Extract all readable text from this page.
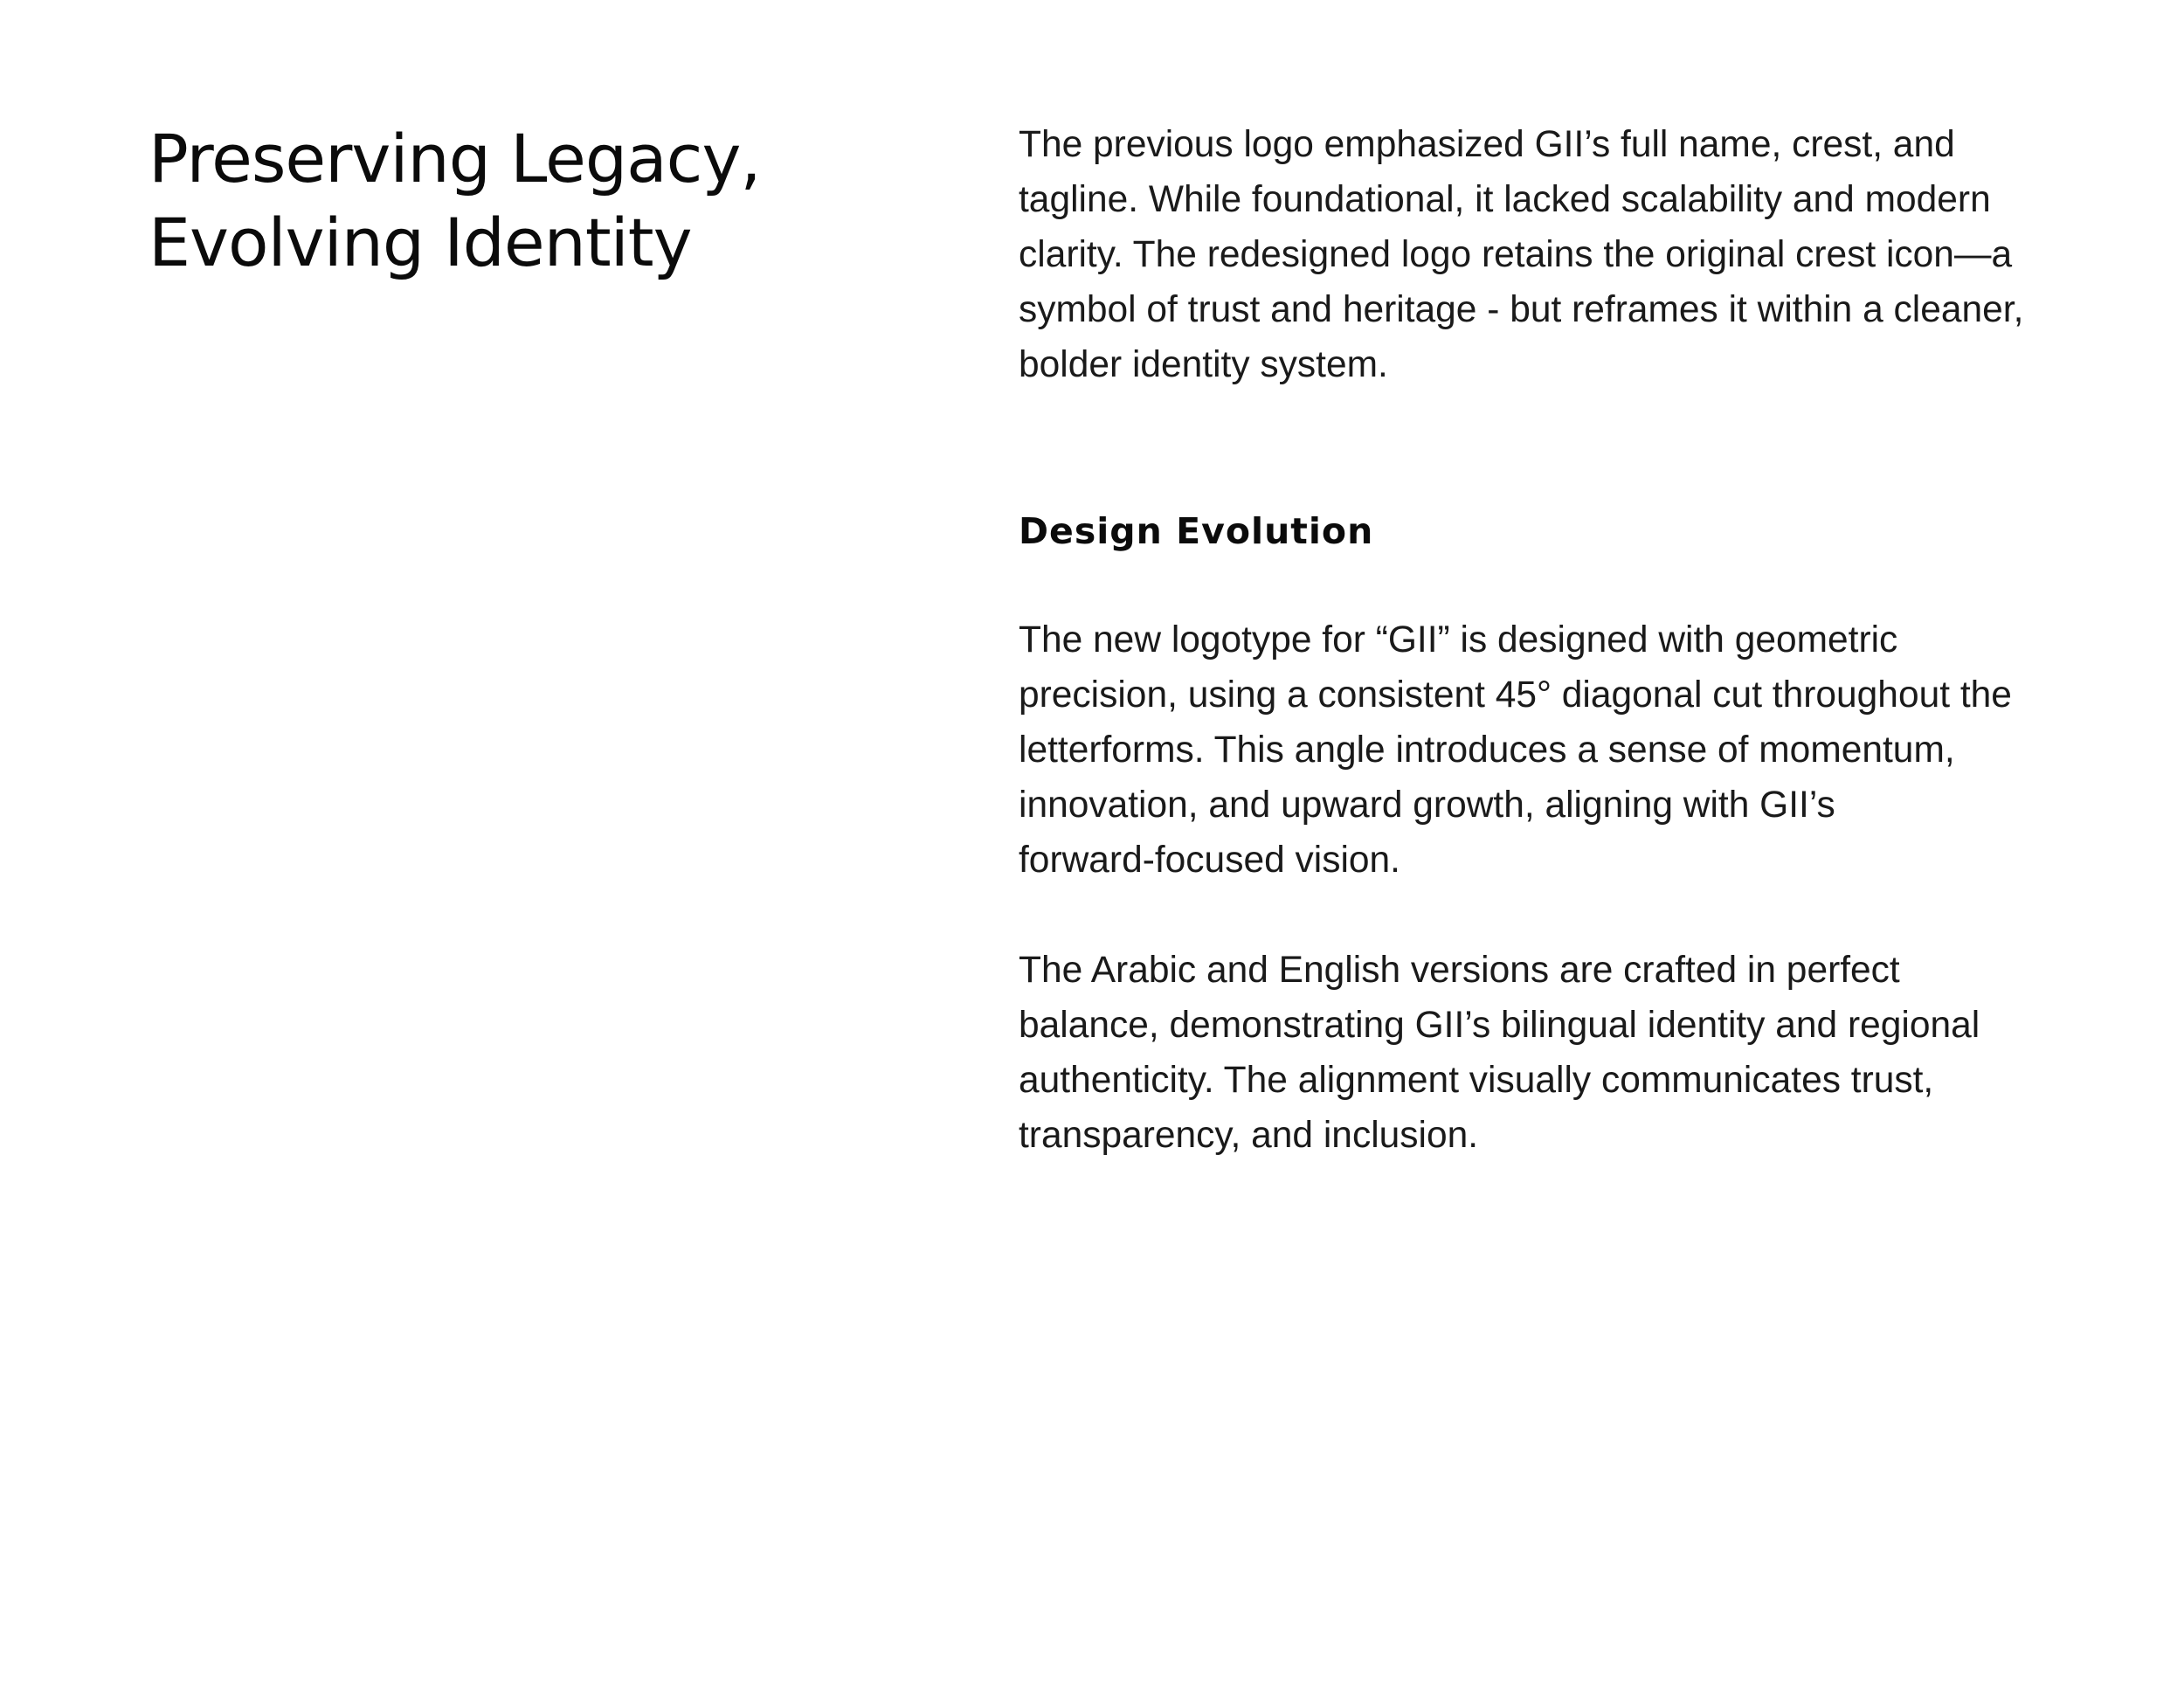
Preserving Legacy,
Evolving Identity

The previous logo emphasized GII’s full name, crest, and
tagline. While foundational, it lacked scalability and modern
clarity. The redesigned logo retains the original crest icon—a
symbol of trust and heritage - but reframes it within a cleaner,
bolder identity system.

Design Evolution

The new logotype for “GII” is designed with geometric
precision, using a consistent 45° diagonal cut throughout the
letterforms. This angle introduces a sense of momentum,
innovation, and upward growth, aligning with GII’s
forward-focused vision.

The Arabic and English versions are crafted in perfect
balance, demonstrating GII’s bilingual identity and regional
authenticity. The alignment visually communicates trust,
transparency, and inclusion.
